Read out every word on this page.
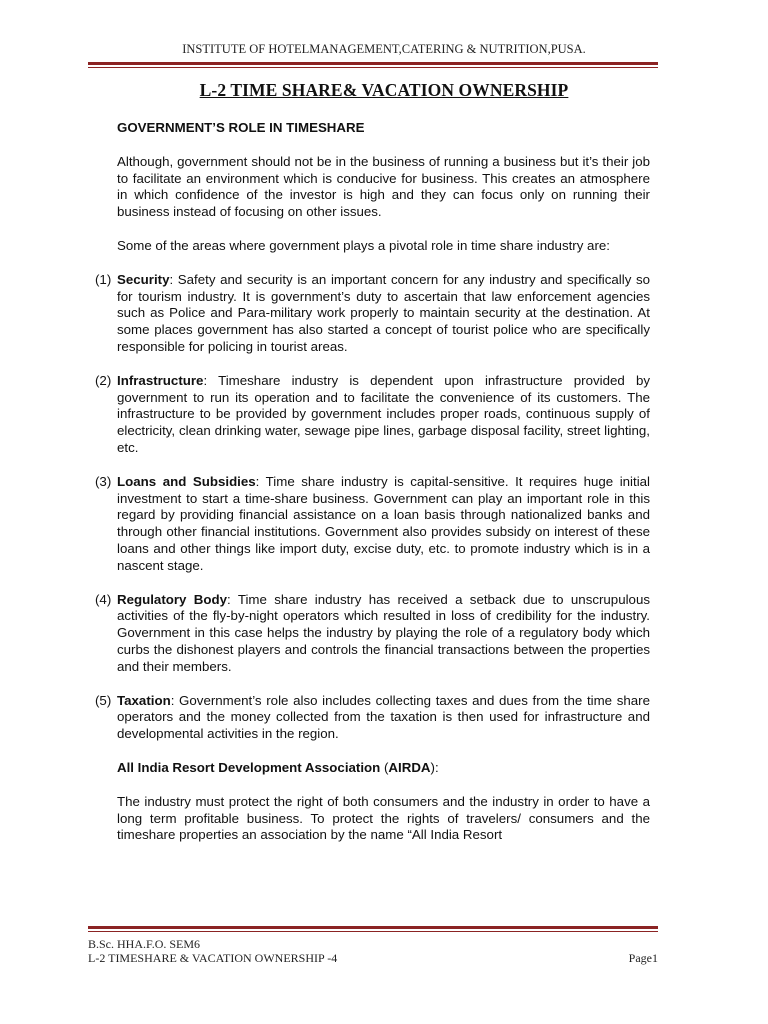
INSTITUTE OF HOTELMANAGEMENT,CATERING & NUTRITION,PUSA.
L-2 TIME SHARE& VACATION OWNERSHIP

GOVERNMENT’S ROLE IN TIMESHARE

Although, government should not be in the business of running a business but it’s their job to facilitate an environment which is conducive for business. This creates an atmosphere in which confidence of the investor is high and they can focus only on running their business instead of focusing on other issues.

Some of the areas where government plays a pivotal role in time share industry are:

(1) Security: Safety and security is an important concern for any industry and specifically so for tourism industry. It is government’s duty to ascertain that law enforcement agencies such as Police and Para-military work properly to maintain security at the destination. At some places government has also started a concept of tourist police who are specifically responsible for policing in tourist areas.
(2) Infrastructure: Timeshare industry is dependent upon infrastructure provided by government to run its operation and to facilitate the convenience of its customers. The infrastructure to be provided by government includes proper roads, continuous supply of electricity, clean drinking water, sewage pipe lines, garbage disposal facility, street lighting, etc.
(3) Loans and Subsidies: Time share industry is capital-sensitive. It requires huge initial investment to start a time-share business. Government can play an important role in this regard by providing financial assistance on a loan basis through nationalized banks and through other financial institutions. Government also provides subsidy on interest of these loans and other things like import duty, excise duty, etc. to promote industry which is in a nascent stage.
(4) Regulatory Body: Time share industry has received a setback due to unscrupulous activities of the fly-by-night operators which resulted in loss of credibility for the industry. Government in this case helps the industry by playing the role of a regulatory body which curbs the dishonest players and controls the financial transactions between the properties and their members.
(5) Taxation: Government’s role also includes collecting taxes and dues from the time share operators and the money collected from the taxation is then used for infrastructure and developmental activities in the region.

All India Resort Development Association (AIRDA):

The industry must protect the right of both consumers and the industry in order to have a long term profitable business. To protect the rights of travelers/ consumers and the timeshare properties an association by the name “All India Resort

B.Sc. HHA.F.O. SEM6
L-2 TIMESHARE & VACATION OWNERSHIP -4	Page1
